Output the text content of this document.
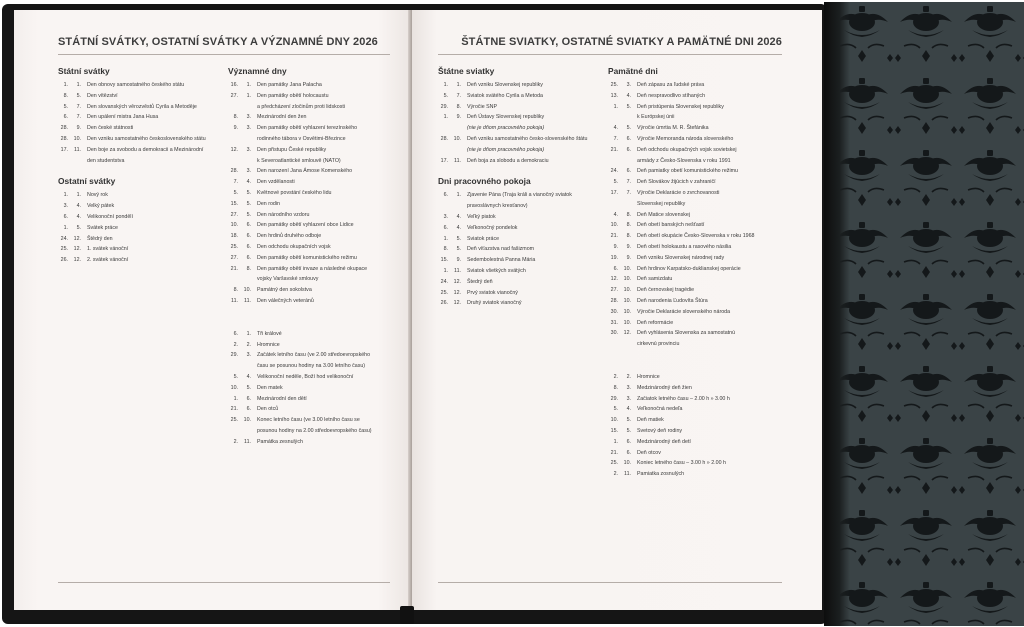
STÁTNÍ SVÁTKY, OSTATNÍ SVÁTKY A VÝZNAMNÉ DNY 2026
Státní svátky
1.	1.	Den obnovy samostatného českého státu
8.	5.	Den vítězství
5.	7.	Den slovanských věrozvěstů Cyrila a Metoděje
6.	7.	Den upálení mistra Jana Husa
28.	9.	Den české státnosti
28.	10.	Den vzniku samostatného československého státu
17.	11.	Den boje za svobodu a demokracii a Mezinárodní
den studentstva
Ostatní svátky
1.	1.	Nový rok
3.	4.	Velký pátek
6.	4.	Velikonoční pondělí
1.	5.	Svátek práce
24.	12.	Štědrý den
25.	12.	1. svátek vánoční
26.	12.	2. svátek vánoční
Významné dny
16.	1.	Den památky Jana Palacha
27.	1.	Den památky obětí holocaustu
a předcházení zločinům proti lidskosti
8.	3.	Mezinárodní den žen
9.	3.	Den památky obětí vyhlazení terezínského
rodinného tábora v Osvětimi-Březince
12.	3.	Den přistupu České republiky
k Severoatlantické smlouvě (NATO)
28.	3.	Den narození Jana Ámose Komenského
7.	4.	Den vzdělanosti
5.	5.	Květnové povstání českého lidu
15.	5.	Den rodin
27.	5.	Den národního vzdoru
10.	6.	Den památky obětí vyhlazení obce Lidice
18.	6.	Den hrdinů druhého odboje
25.	6.	Den odchodu okupačních vojsk
27.	6.	Den památky obětí komunistického režimu
21.	8.	Den památky obětí invaze a následné okupace
vojsky Varšavské smlouvy
8.	10.	Památný den sokolstva
11.	11.	Den válečných veteránů
6.	1.	Tři králové
2.	2.	Hromnice
29.	3.	Začátek letního času (ve 2.00 středoevropského
času se posunou hodiny na 3.00 letního času)
5.	4.	Velikonoční neděle, Boží hod velikonoční
10.	5.	Den matek
1.	6.	Mezinárodní den dětí
21.	6.	Den otců
25.	10.	Konec letního času (ve 3.00 letního času se
posunou hodiny na 2.00 středoevropského času)
2.	11.	Památka zesnulých
ŠTÁTNE SVIATKY, OSTATNÉ SVIATKY A PAMÄTNÉ DNI 2026
Štátne sviatky
1.	1.	Deň vzniku Slovenskej republiky
5.	7.	Sviatok svätého Cyrila a Metoda
29.	8.	Výročie SNP
1.	9.	Deň Ústavy Slovenskej republiky
(nie je dňom pracovného pokoja)
28.	10.	Deň vzniku samostatného česko-slovenského štátu
(nie je dňom pracovného pokoja)
17.	11.	Deň boja za slobodu a demokraciu
Dni pracovného pokoja
6.	1.	Zjavenie Pána (Traja králi a vianočný sviatok
pravoslávnych kresťanov)
3.	4.	Veľký piatok
6.	4.	Veľkonočný pondelok
1.	5.	Sviatok práce
8.	5.	Deň víťazstva nad fašizmom
15.	9.	Sedembolestná Panna Mária
1.	11.	Sviatok všetkých svätých
24.	12.	Štedrý deň
25.	12.	Prvý sviatok vianočný
26.	12.	Druhý sviatok vianočný
Pamätné dni
25.	3.	Deň zápasu za ľudské práva
13.	4.	Deň nespravodlivo stíhaných
1.	5.	Deň pristúpenia Slovenskej republiky
k Európskej únii
4.	5.	Výročie úmrtia M. R. Štefánika
7.	6.	Výročie Memoranda národa slovenského
21.	6.	Deň odchodu okupačných vojsk sovietskej
armády z Česko-Slovenska v roku 1991
24.	6.	Deň pamiatky obetí komunistického režimu
5.	7.	Deň Slovákov žijúcich v zahraničí
17.	7.	Výročie Deklarácie o zvrchovanosti
Slovenskej republiky
4.	8.	Deň Matice slovenskej
10.	8.	Deň obetí banských nešťastí
21.	8.	Deň obetí okupácie Česko-Slovenska v roku 1968
9.	9.	Deň obetí holokaustu a rasového násilia
19.	9.	Deň vzniku Slovenskej národnej rady
6.	10.	Deň hrdinov Karpatsko-duklianskej operácie
12.	10.	Deň samizdatu
27.	10.	Deň černovskej tragédie
28.	10.	Deň narodenia Ľudovíta Štúra
30.	10.	Výročie Deklarácie slovenského národa
31.	10.	Deň reformácie
30.	12.	Deň vyhlásenia Slovenska za samostatnú
cirkevnú provinciu
2.	2.	Hromnice
8.	3.	Medzinárodný deň žien
29.	3.	Začiatok letného času – 2.00 h » 3.00 h
5.	4.	Veľkonočná nedeľa
10.	5.	Deň matiek
15.	5.	Svetový deň rodiny
1.	6.	Medzinárodný deň detí
21.	6.	Deň otcov
25.	10.	Koniec letného času – 3.00 h » 2.00 h
2.	11.	Pamiatka zosnulých
